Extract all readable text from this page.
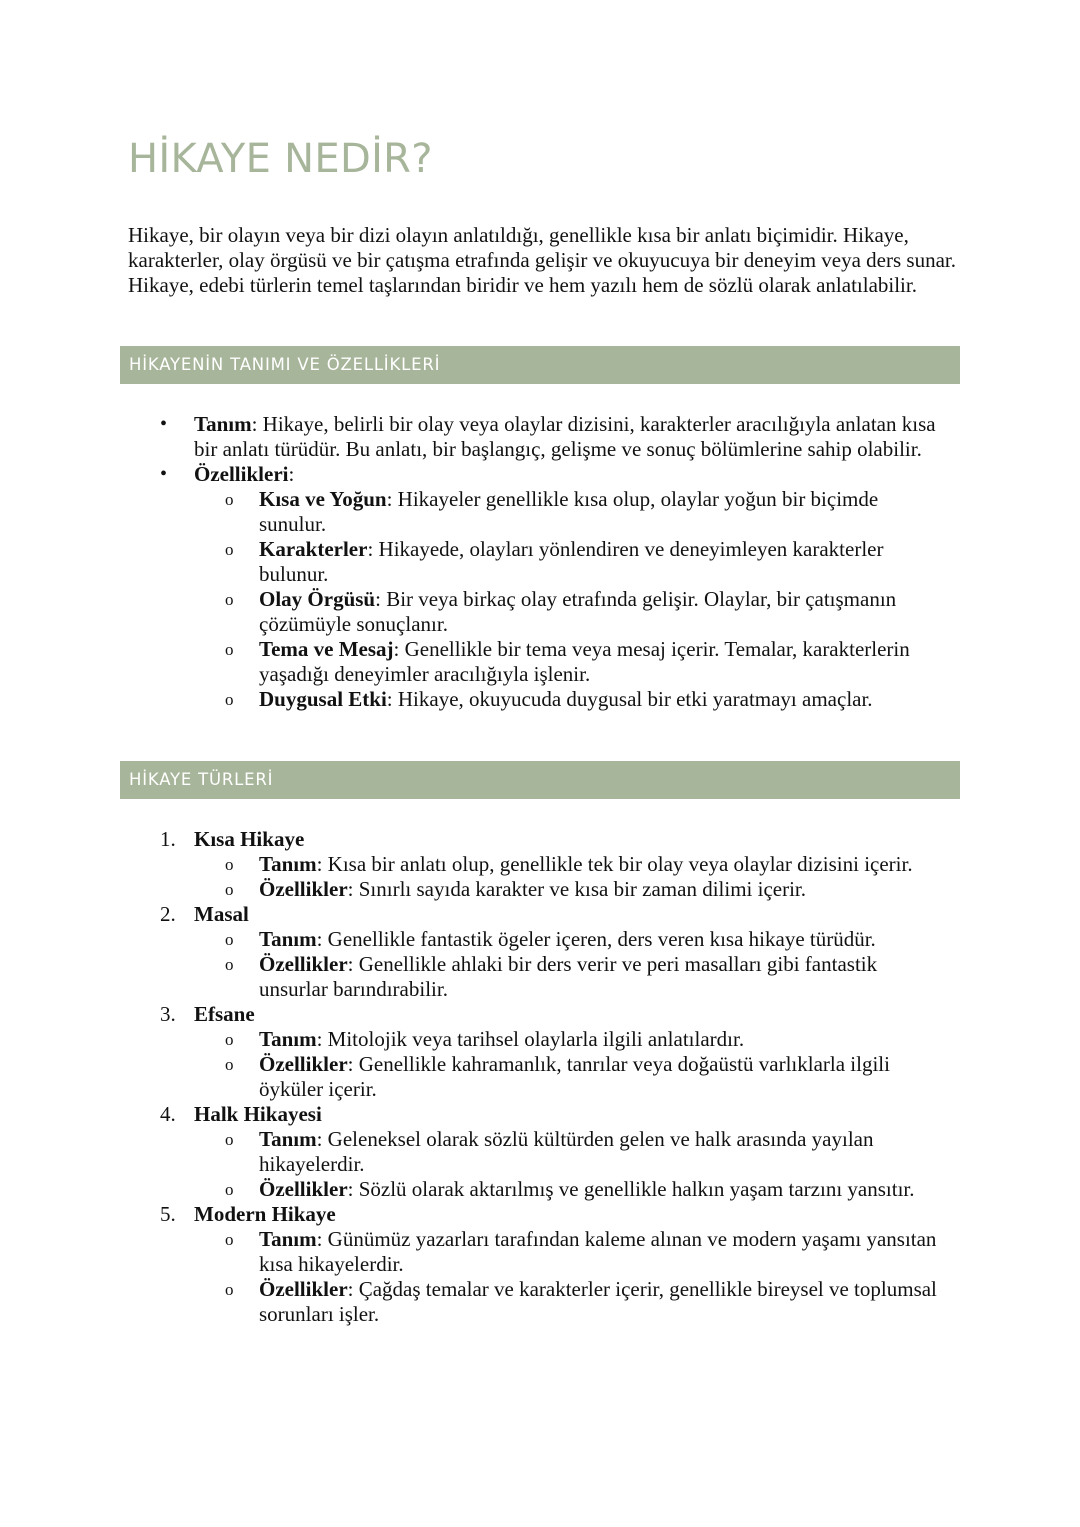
HİKAYE NEDİR?

Hikaye, bir olayın veya bir dizi olayın anlatıldığı, genellikle kısa bir anlatı biçimidir. Hikaye, karakterler, olay örgüsü ve bir çatışma etrafında gelişir ve okuyucuya bir deneyim veya ders sunar. Hikaye, edebi türlerin temel taşlarından biridir ve hem yazılı hem de sözlü olarak anlatılabilir.

HİKAYENİN TANIMI VE ÖZELLİKLERİ
• Tanım: Hikaye, belirli bir olay veya olaylar dizisini, karakterler aracılığıyla anlatan kısa bir anlatı türüdür. Bu anlatı, bir başlangıç, gelişme ve sonuç bölümlerine sahip olabilir.
• Özellikleri:
o Kısa ve Yoğun: Hikayeler genellikle kısa olup, olaylar yoğun bir biçimde sunulur.
o Karakterler: Hikayede, olayları yönlendiren ve deneyimleyen karakterler bulunur.
o Olay Örgüsü: Bir veya birkaç olay etrafında gelişir. Olaylar, bir çatışmanın çözümüyle sonuçlanır.
o Tema ve Mesaj: Genellikle bir tema veya mesaj içerir. Temalar, karakterlerin yaşadığı deneyimler aracılığıyla işlenir.
o Duygusal Etki: Hikaye, okuyucuda duygusal bir etki yaratmayı amaçlar.
HİKAYE TÜRLERİ
1. Kısa Hikaye
o Tanım: Kısa bir anlatı olup, genellikle tek bir olay veya olaylar dizisini içerir.
o Özellikler: Sınırlı sayıda karakter ve kısa bir zaman dilimi içerir.
2. Masal
o Tanım: Genellikle fantastik ögeler içeren, ders veren kısa hikaye türüdür.
o Özellikler: Genellikle ahlaki bir ders verir ve peri masalları gibi fantastik unsurlar barındırabilir.
3. Efsane
o Tanım: Mitolojik veya tarihsel olaylarla ilgili anlatılardır.
o Özellikler: Genellikle kahramanlık, tanrılar veya doğaüstü varlıklarla ilgili öyküler içerir.
4. Halk Hikayesi
o Tanım: Geleneksel olarak sözlü kültürden gelen ve halk arasında yayılan hikayelerdir.
o Özellikler: Sözlü olarak aktarılmış ve genellikle halkın yaşam tarzını yansıtır.
5. Modern Hikaye
o Tanım: Günümüz yazarları tarafından kaleme alınan ve modern yaşamı yansıtan kısa hikayelerdir.
o Özellikler: Çağdaş temalar ve karakterler içerir, genellikle bireysel ve toplumsal sorunları işler.
